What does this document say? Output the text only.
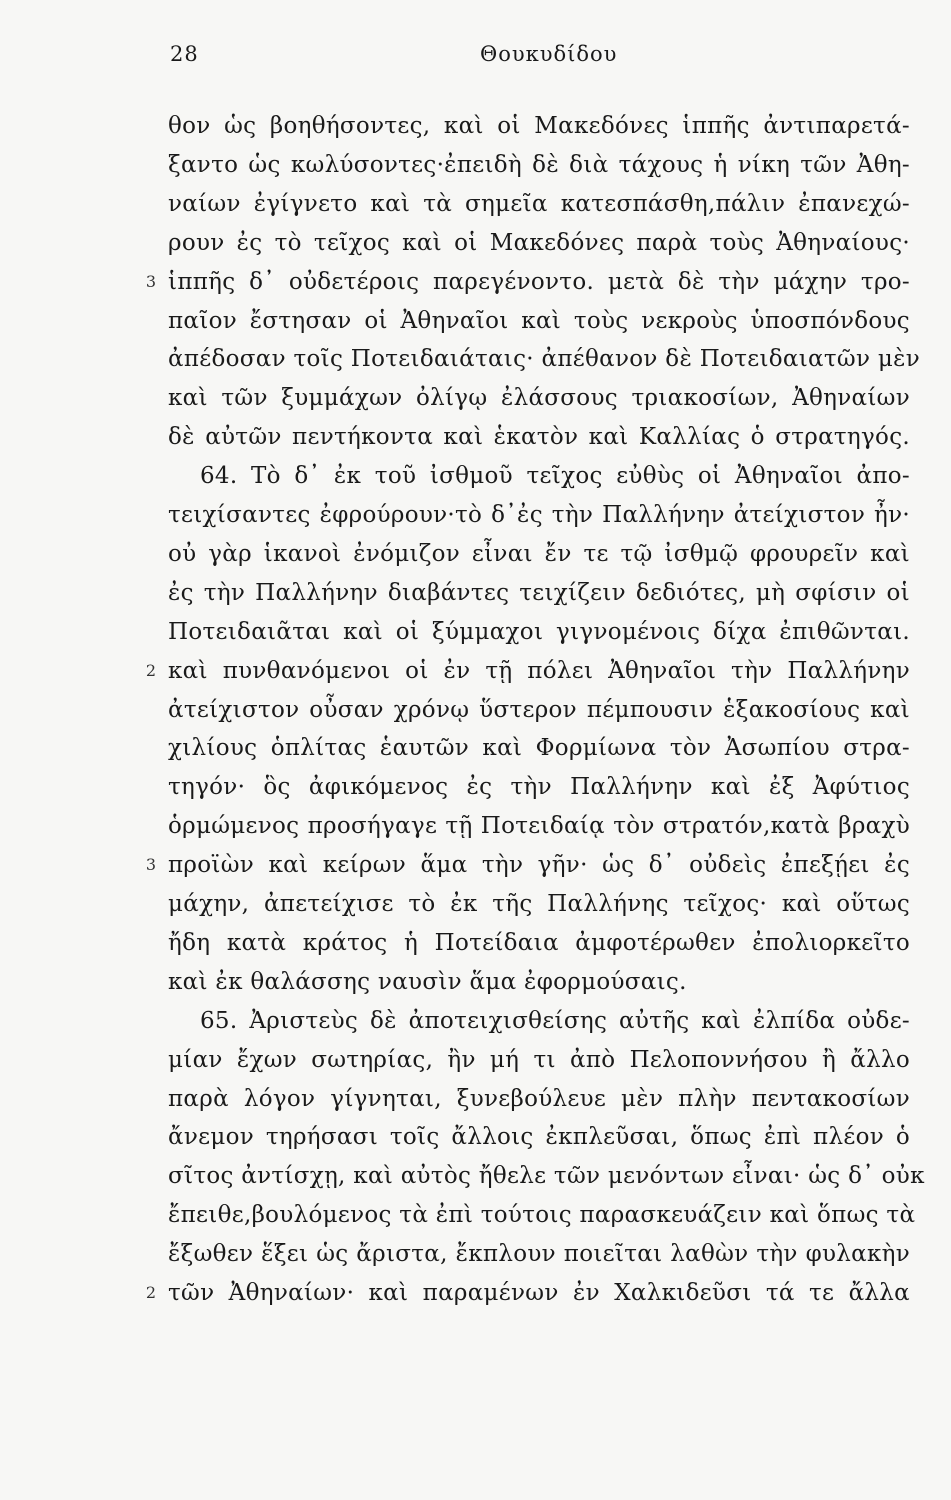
28	Θουκυδίδου
θον ὡς βοηθήσοντες, καὶ οἱ Μακεδόνες ἱππῆς ἀντιπαρετά-
ξαντο ὡς κωλύσοντες·ἐπειδὴ δὲ διὰ τάχους ἡ νίκη τῶν Ἀθη-
ναίων ἐγίγνετο καὶ τὰ σημεῖα κατεσπάσθη,πάλιν ἐπανεχώ-
ρουν ἐς τὸ τεῖχος καὶ οἱ Μακεδόνες παρὰ τοὺς Ἀθηναίους·
ἱππῆς δ᾽ οὐδετέροις παρεγένοντο. μετὰ δὲ τὴν μάχην τρο-
3
παῖον ἔστησαν οἱ Ἀθηναῖοι καὶ τοὺς νεκροὺς ὑποσπόνδους
ἀπέδοσαν τοῖς Ποτειδαιάταις· ἀπέθανον δὲ Ποτειδαιατῶν μὲν
καὶ τῶν ξυμμάχων ὀλίγῳ ἐλάσσους τριακοσίων, Ἀθηναίων
δὲ αὐτῶν πεντήκοντα καὶ ἑκατὸν καὶ Καλλίας ὁ στρατηγός.
64. Τὸ δ᾽ ἐκ τοῦ ἰσθμοῦ τεῖχος εὐθὺς οἱ Ἀθηναῖοι ἀπο-
τειχίσαντες ἐφρούρουν·τὸ δ᾽ἐς τὴν Παλλήνην ἀτείχιστον ἦν·
οὐ γὰρ ἱκανοὶ ἐνόμιζον εἶναι ἔν τε τῷ ἰσθμῷ φρουρεῖν καὶ
ἐς τὴν Παλλήνην διαβάντες τειχίζειν δεδιότες, μὴ σφίσιν οἱ
Ποτειδαιᾶται καὶ οἱ ξύμμαχοι γιγνομένοις δίχα ἐπιθῶνται.
καὶ πυνθανόμενοι οἱ ἐν τῇ πόλει Ἀθηναῖοι τὴν Παλλήνην
2
ἀτείχιστον οὖσαν χρόνῳ ὕστερον πέμπουσιν ἑξακοσίους καὶ
χιλίους ὁπλίτας ἑαυτῶν καὶ Φορμίωνα τὸν Ἀσωπίου στρα-
τηγόν· ὃς ἀφικόμενος ἐς τὴν Παλλήνην καὶ ἐξ Ἀφύτιος
ὁρμώμενος προσήγαγε τῇ Ποτειδαίᾳ τὸν στρατόν,κατὰ βραχὺ
προϊὼν καὶ κείρων ἅμα τὴν γῆν· ὡς δ᾽ οὐδεὶς ἐπεξῄει ἐς
3
μάχην, ἀπετείχισε τὸ ἐκ τῆς Παλλήνης τεῖχος· καὶ οὕτως
ἤδη κατὰ κράτος ἡ Ποτείδαια ἀμφοτέρωθεν ἐπολιορκεῖτο
καὶ ἐκ θαλάσσης ναυσὶν ἅμα ἐφορμούσαις.
65. Ἀριστεὺς δὲ ἀποτειχισθείσης αὐτῆς καὶ ἐλπίδα οὐδε-
μίαν ἔχων σωτηρίας, ἢν μή τι ἀπὸ Πελοποννήσου ἢ ἄλλο
παρὰ λόγον γίγνηται, ξυνεβούλευε μὲν πλὴν πεντακοσίων
ἄνεμον τηρήσασι τοῖς ἄλλοις ἐκπλεῦσαι, ὅπως ἐπὶ πλέον ὁ
σῖτος ἀντίσχῃ, καὶ αὐτὸς ἤθελε τῶν μενόντων εἶναι· ὡς δ᾽ οὐκ
ἔπειθε,βουλόμενος τὰ ἐπὶ τούτοις παρασκευάζειν καὶ ὅπως τὰ
ἔξωθεν ἕξει ὡς ἄριστα, ἔκπλουν ποιεῖται λαθὼν τὴν φυλακὴν
τῶν Ἀθηναίων· καὶ παραμένων ἐν Χαλκιδεῦσι τά τε ἄλλα
2
